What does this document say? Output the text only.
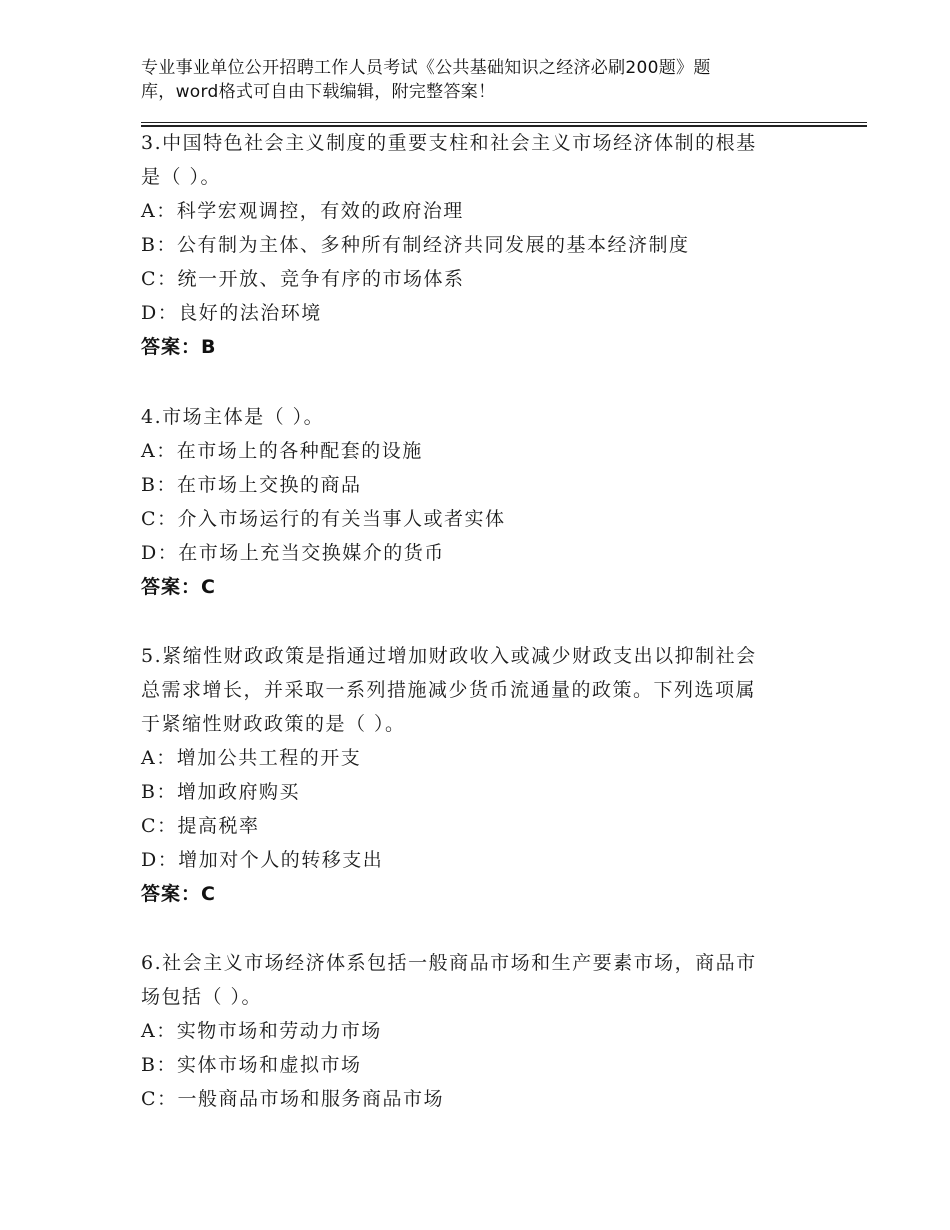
专业事业单位公开招聘工作人员考试《公共基础知识之经济必刷200题》题
库，word格式可自由下载编辑，附完整答案！
3.中国特色社会主义制度的重要支柱和社会主义市场经济体制的根基
是（ ）。
A：科学宏观调控，有效的政府治理
B：公有制为主体、多种所有制经济共同发展的基本经济制度
C：统一开放、竞争有序的市场体系
D：良好的法治环境
答案：B
4.市场主体是（ ）。
A：在市场上的各种配套的设施
B：在市场上交换的商品
C：介入市场运行的有关当事人或者实体
D：在市场上充当交换媒介的货币
答案：C
5.紧缩性财政政策是指通过增加财政收入或减少财政支出以抑制社会
总需求增长，并采取一系列措施减少货币流通量的政策。下列选项属
于紧缩性财政政策的是（ ）。
A：增加公共工程的开支
B：增加政府购买
C：提高税率
D：增加对个人的转移支出
答案：C
6.社会主义市场经济体系包括一般商品市场和生产要素市场，商品市
场包括（ ）。
A：实物市场和劳动力市场
B：实体市场和虚拟市场
C：一般商品市场和服务商品市场
